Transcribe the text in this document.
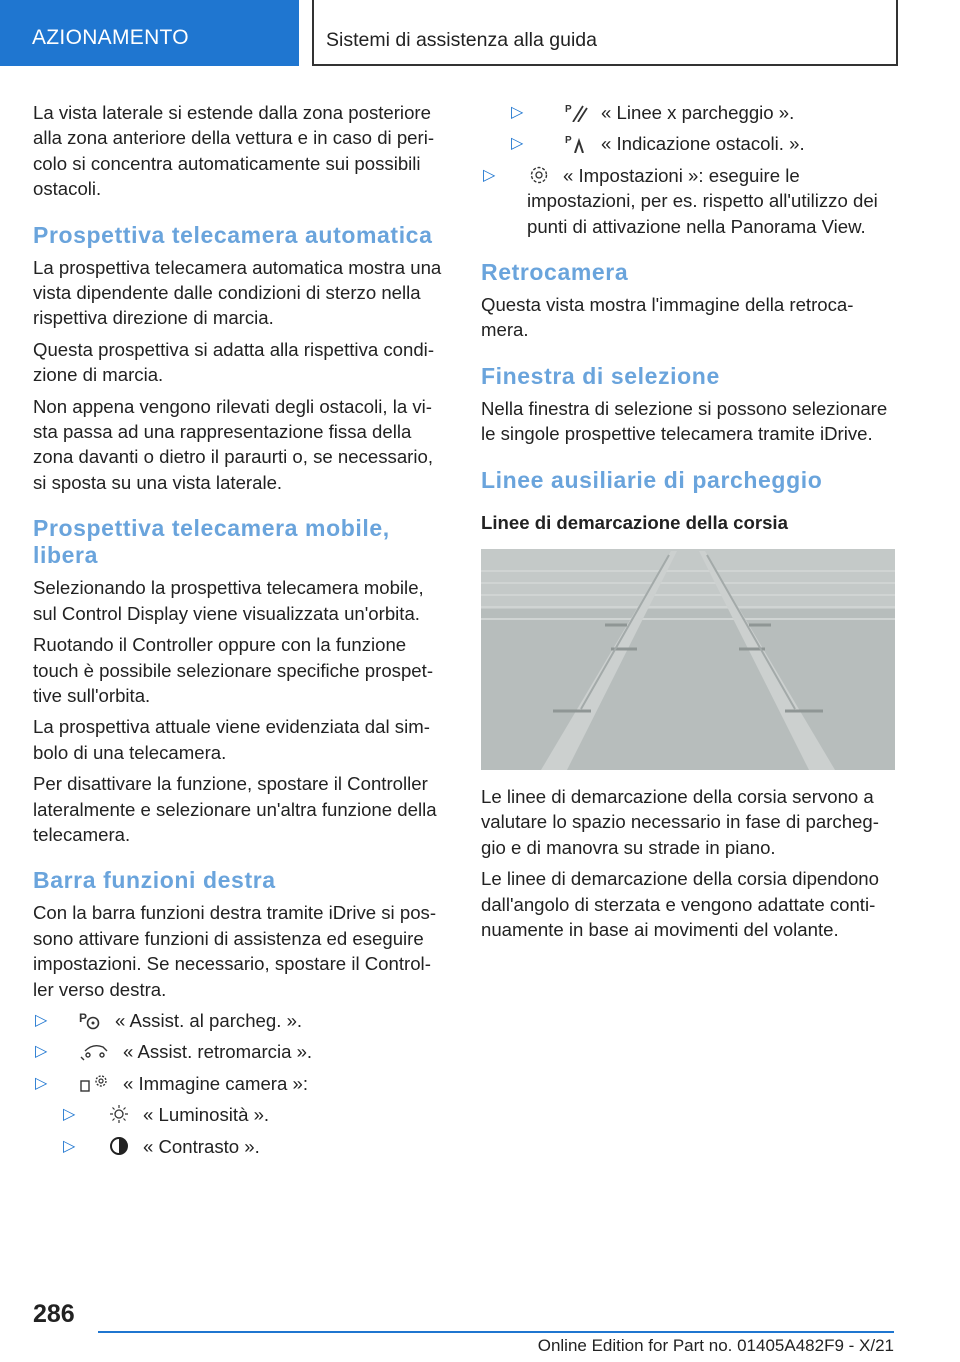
AZIONAMENTO	Sistemi di assistenza alla guida

La vista laterale si estende dalla zona posteriore alla zona anteriore della vettura e in caso di pericolo si concentra automaticamente sui possibili ostacoli.

Prospettiva telecamera automatica

La prospettiva telecamera automatica mostra una vista dipendente dalle condizioni di sterzo nella rispettiva direzione di marcia.

Questa prospettiva si adatta alla rispettiva condizione di marcia.

Non appena vengono rilevati degli ostacoli, la vista passa ad una rappresentazione fissa della zona davanti o dietro il paraurti o, se necessario, si sposta su una vista laterale.

Prospettiva telecamera mobile, libera

Selezionando la prospettiva telecamera mobile, sul Control Display viene visualizzata un'orbita.

Ruotando il Controller oppure con la funzione touch è possibile selezionare specifiche prospettive sull'orbita.

La prospettiva attuale viene evidenziata dal simbolo di una telecamera.

Per disattivare la funzione, spostare il Controller lateralmente e selezionare un'altra funzione della telecamera.

Barra funzioni destra

Con la barra funzioni destra tramite iDrive si possono attivare funzioni di assistenza ed eseguire impostazioni. Se necessario, spostare il Controller verso destra.

▷	P « Assist. al parcheg. ».
▷	« Assist. retromarcia ».
▷	« Immagine camera »:
▷	« Luminosità ».
▷	« Contrasto ».
▷	P « Linee x parcheggio ».
▷	P « Indicazione ostacoli. ».
▷	« Impostazioni »: eseguire le impostazioni, per es. rispetto all'utilizzo dei punti di attivazione nella Panorama View.
Retrocamera

Questa vista mostra l'immagine della retrocamera.

Finestra di selezione

Nella finestra di selezione si possono selezionare le singole prospettive telecamera tramite iDrive.

Linee ausiliarie di parcheggio
Linee di demarcazione della corsia

Le linee di demarcazione della corsia servono a valutare lo spazio necessario in fase di parcheggio e di manovra su strade in piano.

Le linee di demarcazione della corsia dipendono dall'angolo di sterzata e vengono adattate continuamente in base ai movimenti del volante.

286
Online Edition for Part no. 01405A482F9 - X/21
